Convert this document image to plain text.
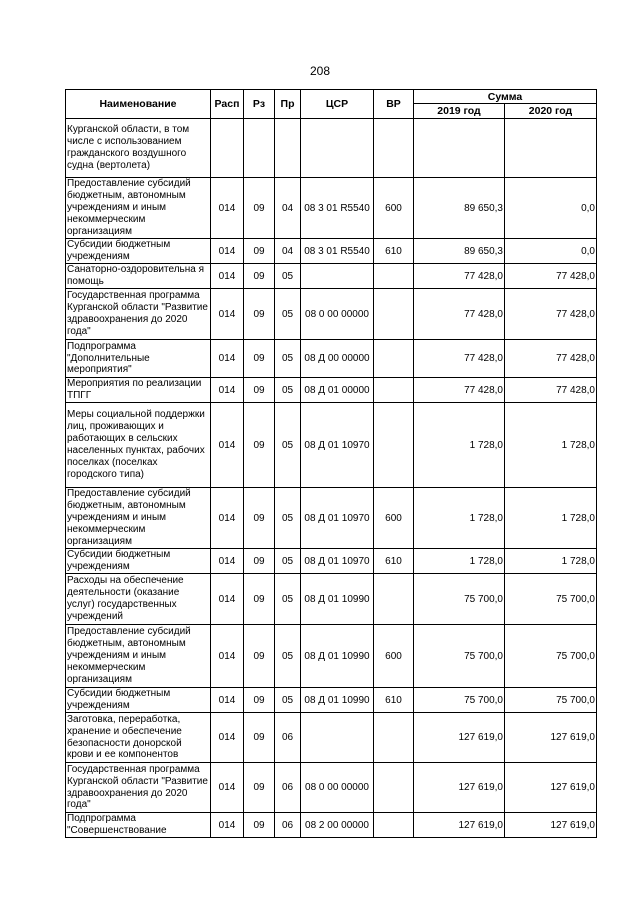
208
Наименование	Расп	Рз	Пр	ЦСР	ВР	Сумма	
						2019 год	2020 год
Курганской области, в том числе с использованием гражданского воздушного судна (вертолета)							
Предоставление субсидий бюджетным, автономным учреждениям и иным некоммерческим организациям	014	09	04	08 3 01 R5540	600	89 650,3	0,0
Субсидии бюджетным учреждениям	014	09	04	08 3 01 R5540	610	89 650,3	0,0
Санаторно-оздоровительна я помощь	014	09	05			77 428,0	77 428,0
Государственная программа Курганской области "Развитие здравоохранения до 2020 года"	014	09	05	08 0 00 00000		77 428,0	77 428,0
Подпрограмма "Дополнительные мероприятия"	014	09	05	08 Д 00 00000		77 428,0	77 428,0
Мероприятия по реализации ТПГГ	014	09	05	08 Д 01 00000		77 428,0	77 428,0
Меры социальной поддержки лиц, проживающих и работающих в сельских населенных пунктах, рабочих поселках (поселках городского типа)	014	09	05	08 Д 01 10970		1 728,0	1 728,0
Предоставление субсидий бюджетным, автономным учреждениям и иным некоммерческим организациям	014	09	05	08 Д 01 10970	600	1 728,0	1 728,0
Субсидии бюджетным учреждениям	014	09	05	08 Д 01 10970	610	1 728,0	1 728,0
Расходы на обеспечение деятельности (оказание услуг) государственных учреждений	014	09	05	08 Д 01 10990		75 700,0	75 700,0
Предоставление субсидий бюджетным, автономным учреждениям и иным некоммерческим организациям	014	09	05	08 Д 01 10990	600	75 700,0	75 700,0
Субсидии бюджетным учреждениям	014	09	05	08 Д 01 10990	610	75 700,0	75 700,0
Заготовка, переработка, хранение и обеспечение безопасности донорской крови и ее компонентов	014	09	06			127 619,0	127 619,0
Государственная программа Курганской области "Развитие здравоохранения до 2020 года"	014	09	06	08 0 00 00000		127 619,0	127 619,0
Подпрограмма "Совершенствование	014	09	06	08 2 00 00000		127 619,0	127 619,0
